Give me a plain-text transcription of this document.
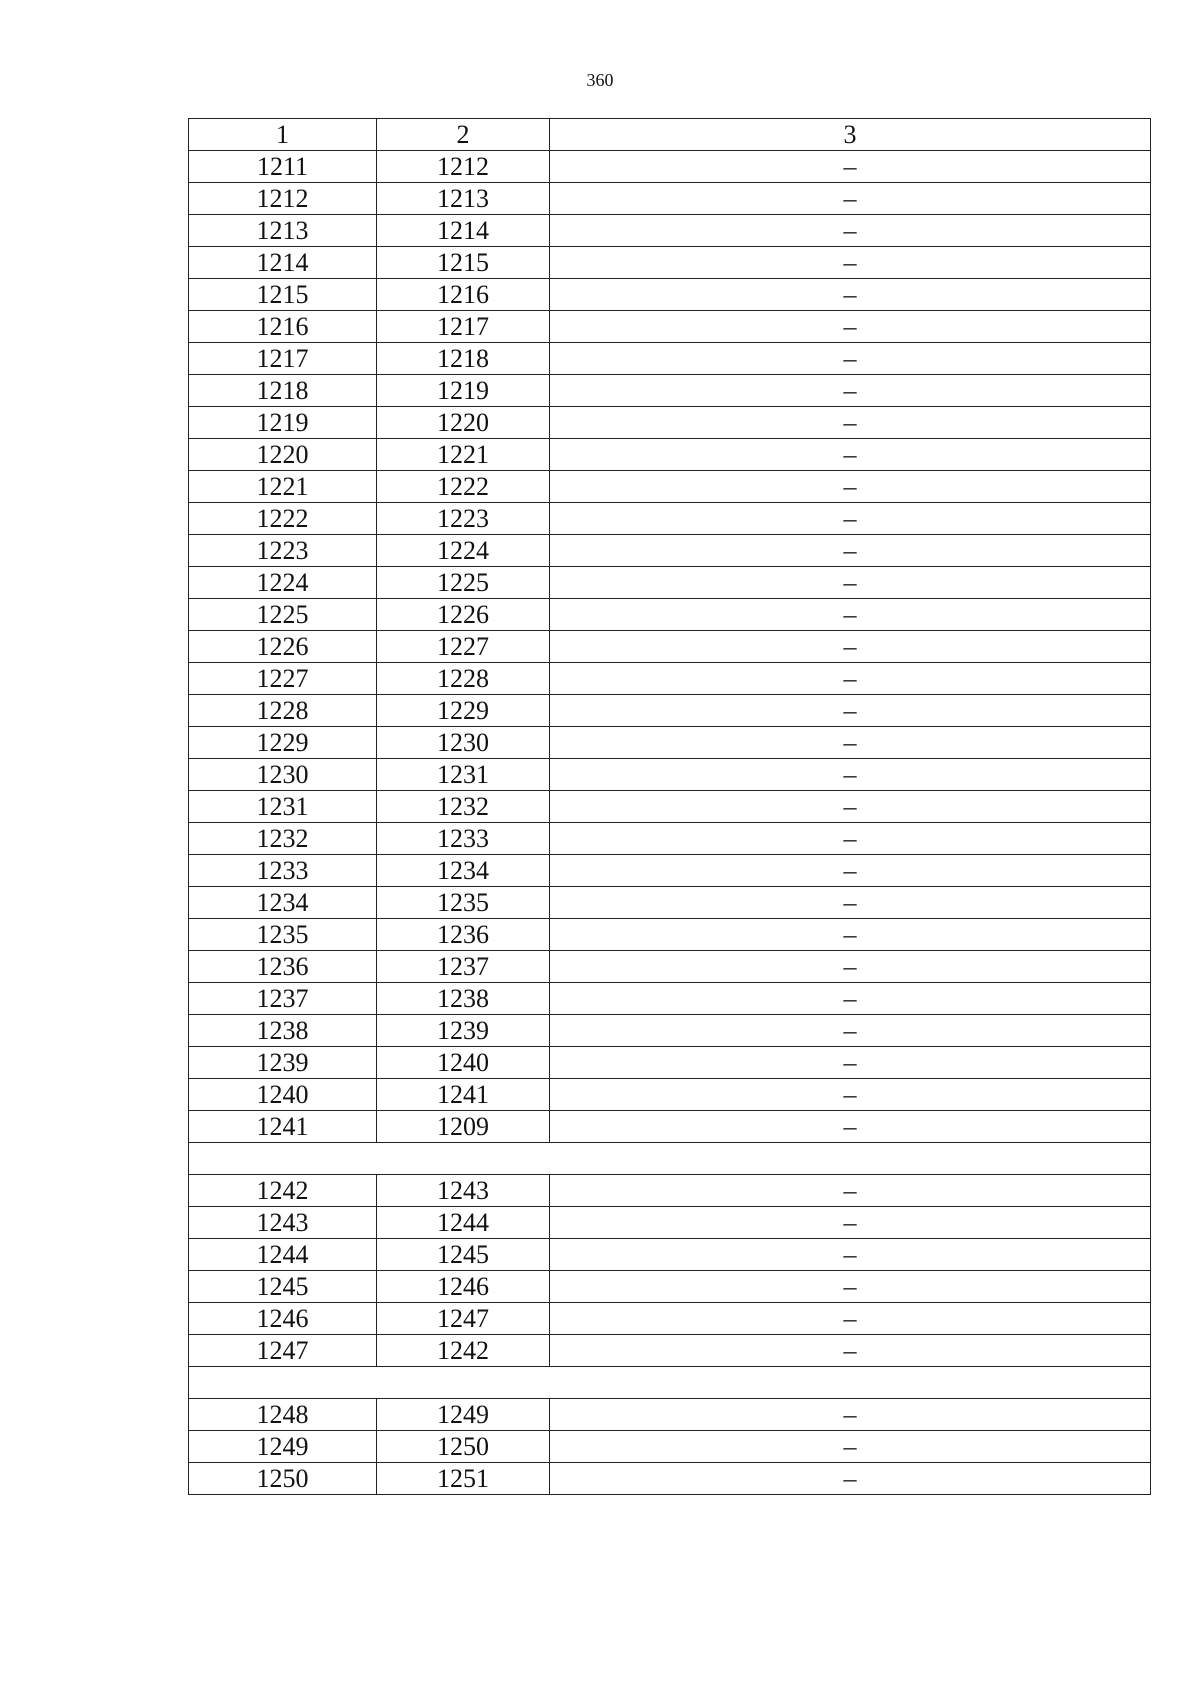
360
1	2	3
1211	1212	–
1212	1213	–
1213	1214	–
1214	1215	–
1215	1216	–
1216	1217	–
1217	1218	–
1218	1219	–
1219	1220	–
1220	1221	–
1221	1222	–
1222	1223	–
1223	1224	–
1224	1225	–
1225	1226	–
1226	1227	–
1227	1228	–
1228	1229	–
1229	1230	–
1230	1231	–
1231	1232	–
1232	1233	–
1233	1234	–
1234	1235	–
1235	1236	–
1236	1237	–
1237	1238	–
1238	1239	–
1239	1240	–
1240	1241	–
1241	1209	–

1242	1243	–
1243	1244	–
1244	1245	–
1245	1246	–
1246	1247	–
1247	1242	–

1248	1249	–
1249	1250	–
1250	1251	–
